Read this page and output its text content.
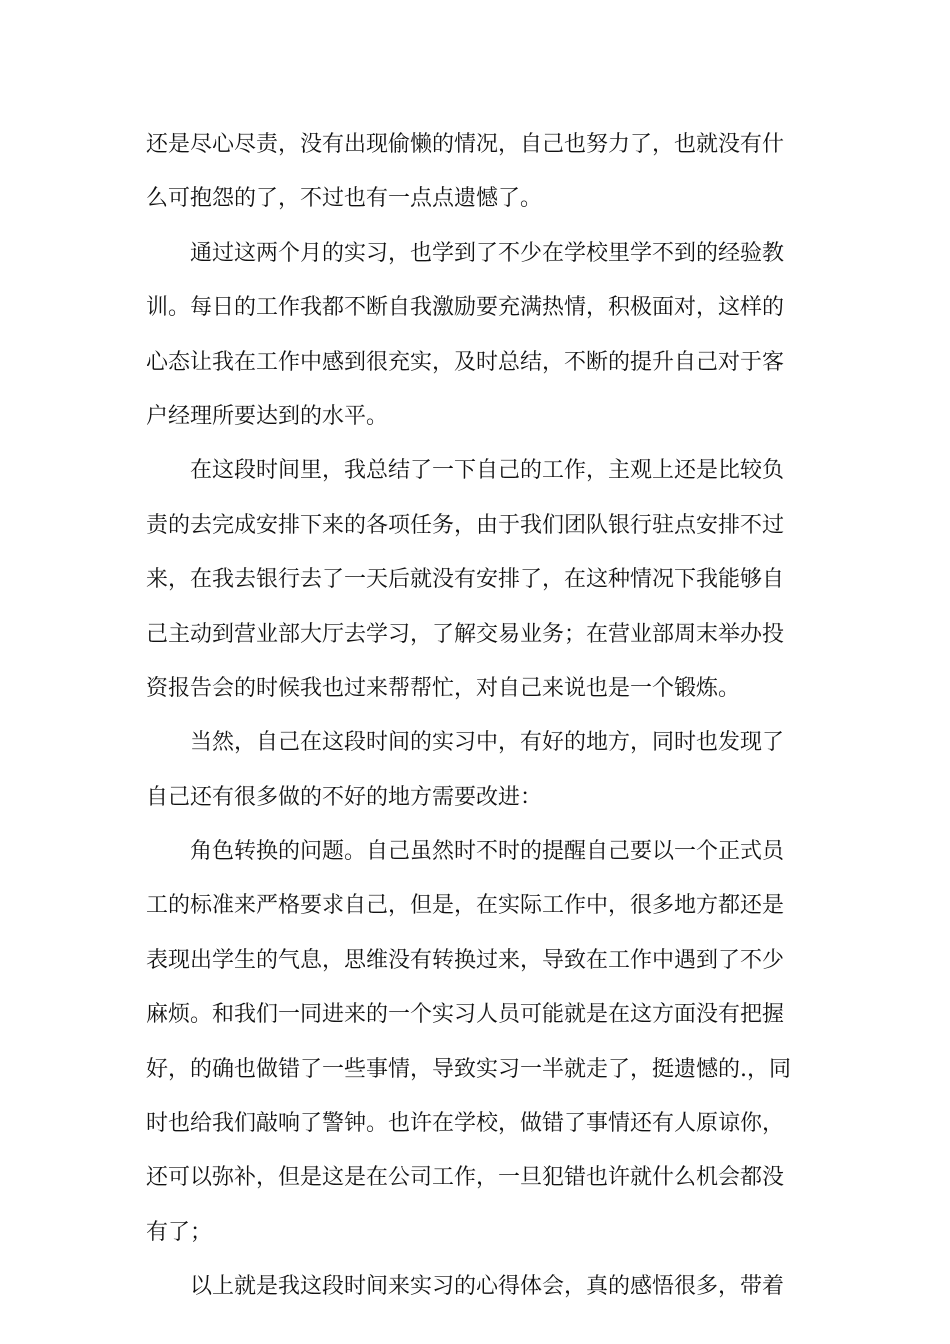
还是尽心尽责，没有出现偷懒的情况，自己也努力了，也就没有什
么可抱怨的了，不过也有一点点遗憾了。
通过这两个月的实习，也学到了不少在学校里学不到的经验教
训。每日的工作我都不断自我激励要充满热情，积极面对，这样的
心态让我在工作中感到很充实，及时总结，不断的提升自己对于客
户经理所要达到的水平。
在这段时间里，我总结了一下自己的工作，主观上还是比较负
责的去完成安排下来的各项任务，由于我们团队银行驻点安排不过
来，在我去银行去了一天后就没有安排了，在这种情况下我能够自
己主动到营业部大厅去学习，了解交易业务；在营业部周末举办投
资报告会的时候我也过来帮帮忙，对自己来说也是一个锻炼。
当然，自己在这段时间的实习中，有好的地方，同时也发现了
自己还有很多做的不好的地方需要改进：
角色转换的问题。自己虽然时不时的提醒自己要以一个正式员
工的标准来严格要求自己，但是，在实际工作中，很多地方都还是
表现出学生的气息，思维没有转换过来，导致在工作中遇到了不少
麻烦。和我们一同进来的一个实习人员可能就是在这方面没有把握
好，的确也做错了一些事情，导致实习一半就走了，挺遗憾的.，同
时也给我们敲响了警钟。也许在学校，做错了事情还有人原谅你，
还可以弥补，但是这是在公司工作，一旦犯错也许就什么机会都没
有了；
以上就是我这段时间来实习的心得体会，真的感悟很多，带着
